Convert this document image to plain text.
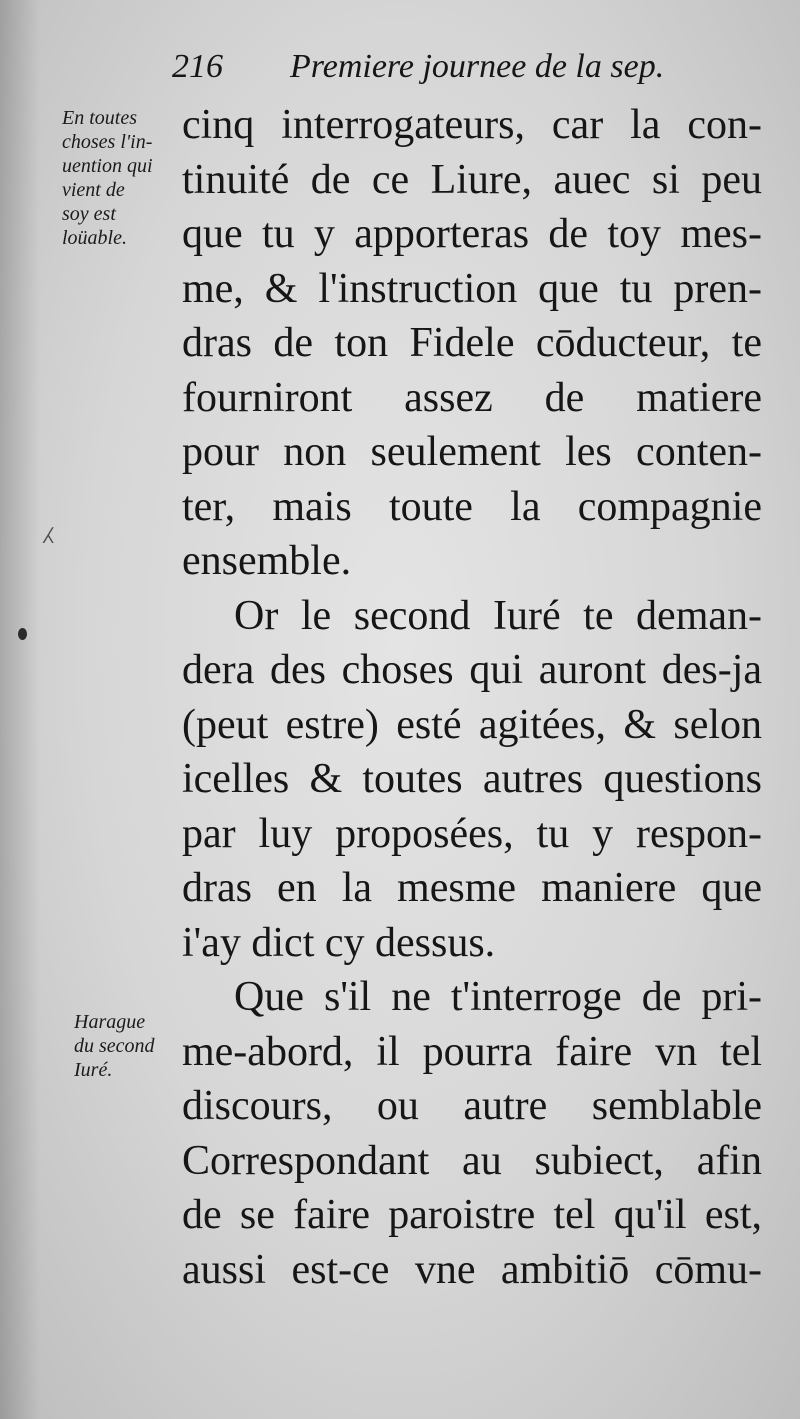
216 Premiere journee de la sep.
En toutes
choses l'in-
uention qui
vient de
soy est
loüable.
Harague
du second
Iuré.
⁁
cinq interrogateurs, car la con-
tinuité de ce Liure, auec si peu
que tu y apporteras de toy mes-
me, & l'instruction que tu pren-
dras de ton Fidele cōducteur, te
fourniront assez de matiere
pour non seulement les conten-
ter, mais toute la compagnie
ensemble.
Or le second Iuré te deman-
dera des choses qui auront des-ja
(peut estre) esté agitées, & selon
icelles & toutes autres questions
par luy proposées, tu y respon-
dras en la mesme maniere que
i'ay dict cy dessus.
Que s'il ne t'interroge de pri-
me-abord, il pourra faire vn tel
discours, ou autre semblable
Correspondant au subiect, afin
de se faire paroistre tel qu'il est,
aussi est-ce vne ambitiō cōmu-
